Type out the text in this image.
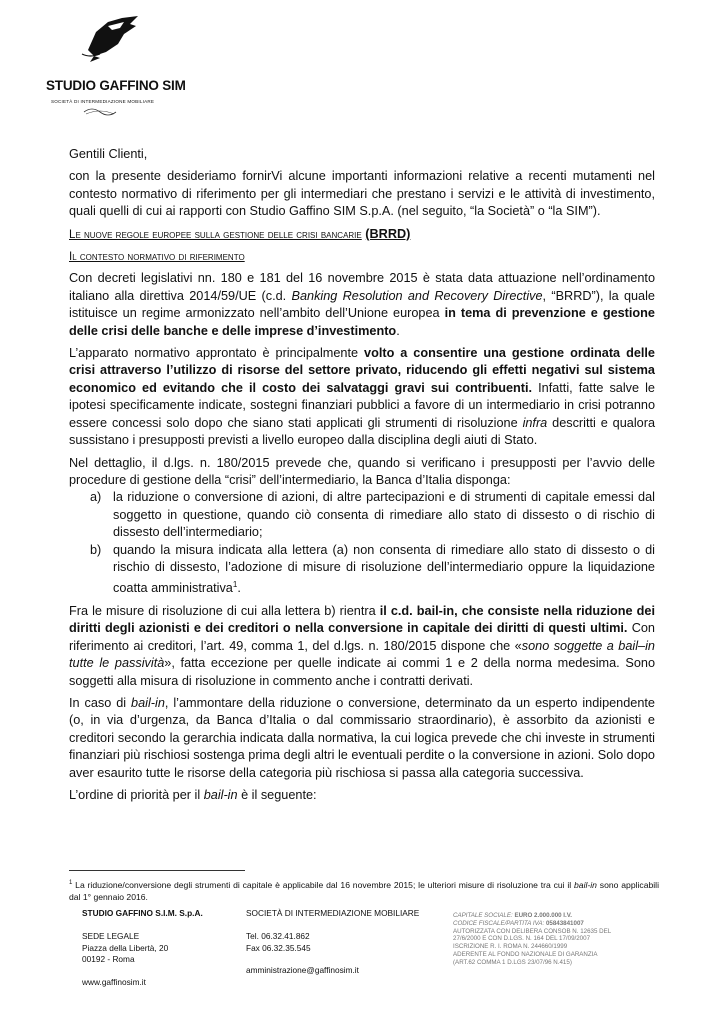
STUDIO GAFFINO SIM
SOCIETÀ DI INTERMEDIAZIONE MOBILIARE

Gentili Clienti,

con la presente desideriamo fornirVi alcune importanti informazioni relative a recenti mutamenti nel contesto normativo di riferimento per gli intermediari che prestano i servizi e le attività di investimento, quali quelli di cui ai rapporti con Studio Gaffino SIM S.p.A. (nel seguito, “la Società” o “la SIM”).

Le nuove regole europee sulla gestione delle crisi bancarie (BRRD)

Il contesto normativo di riferimento

Con decreti legislativi nn. 180 e 181 del 16 novembre 2015 è stata data attuazione nell’ordinamento italiano alla direttiva 2014/59/UE (c.d. Banking Resolution and Recovery Directive, “BRRD”), la quale istituisce un regime armonizzato nell’ambito dell’Unione europea in tema di prevenzione e gestione delle crisi delle banche e delle imprese d’investimento.

L’apparato normativo approntato è principalmente volto a consentire una gestione ordinata delle crisi attraverso l’utilizzo di risorse del settore privato, riducendo gli effetti negativi sul sistema economico ed evitando che il costo dei salvataggi gravi sui contribuenti. Infatti, fatte salve le ipotesi specificamente indicate, sostegni finanziari pubblici a favore di un intermediario in crisi potranno essere concessi solo dopo che siano stati applicati gli strumenti di risoluzione infra descritti e qualora sussistano i presupposti previsti a livello europeo dalla disciplina degli aiuti di Stato.

Nel dettaglio, il d.lgs. n. 180/2015 prevede che, quando si verificano i presupposti per l’avvio delle procedure di gestione della “crisi” dell’intermediario, la Banca d’Italia disponga:

a) la riduzione o conversione di azioni, di altre partecipazioni e di strumenti di capitale emessi dal soggetto in questione, quando ciò consenta di rimediare allo stato di dissesto o di rischio di dissesto dell’intermediario;
b) quando la misura indicata alla lettera (a) non consenta di rimediare allo stato di dissesto o di rischio di dissesto, l’adozione di misure di risoluzione dell’intermediario oppure la liquidazione coatta amministrativa$^1$.

Fra le misure di risoluzione di cui alla lettera b) rientra il c.d. bail-in, che consiste nella riduzione dei diritti degli azionisti e dei creditori o nella conversione in capitale dei diritti di questi ultimi. Con riferimento ai creditori, l’art. 49, comma 1, del d.lgs. n. 180/2015 dispone che «sono soggette a bail–in tutte le passività», fatta eccezione per quelle indicate ai commi 1 e 2 della norma medesima. Sono soggetti alla misura di risoluzione in commento anche i contratti derivati.

In caso di bail-in, l’ammontare della riduzione o conversione, determinato da un esperto indipendente (o, in via d’urgenza, da Banca d’Italia o dal commissario straordinario), è assorbito da azionisti e creditori secondo la gerarchia indicata dalla normativa, la cui logica prevede che chi investe in strumenti finanziari più rischiosi sostenga prima degli altri le eventuali perdite o la conversione in azioni. Solo dopo aver esaurito tutte le risorse della categoria più rischiosa si passa alla categoria successiva.

L’ordine di priorità per il bail-in è il seguente:

$^1$ La riduzione/conversione degli strumenti di capitale è applicabile dal 16 novembre 2015; le ulteriori misure di risoluzione tra cui il bail-in sono applicabili dal 1° gennaio 2016.
STUDIO GAFFINO S.I.M. S.p.A.
SEDE LEGALE
Piazza della Libertà, 20
00192 - Roma
www.gaffinosim.it
SOCIETÀ DI INTERMEDIAZIONE MOBILIARE
Tel. 06.32.41.862
Fax 06.32.35.545
amministrazione@gaffinosim.it
CAPITALE SOCIALE: EURO 2.000.000 I.V.
CODICE FISCALE/PARTITA IVA: 05843841007
AUTORIZZATA CON DELIBERA CONSOB N. 12635 DEL
27/6/2000 E CON D.LGS. N. 164 DEL 17/09/2007
ISCRIZIONE R. I. ROMA N. 244660/1999
ADERENTE AL FONDO NAZIONALE DI GARANZIA
(ART.62 COMMA 1 D.LGS 23/07/96 N.415)
